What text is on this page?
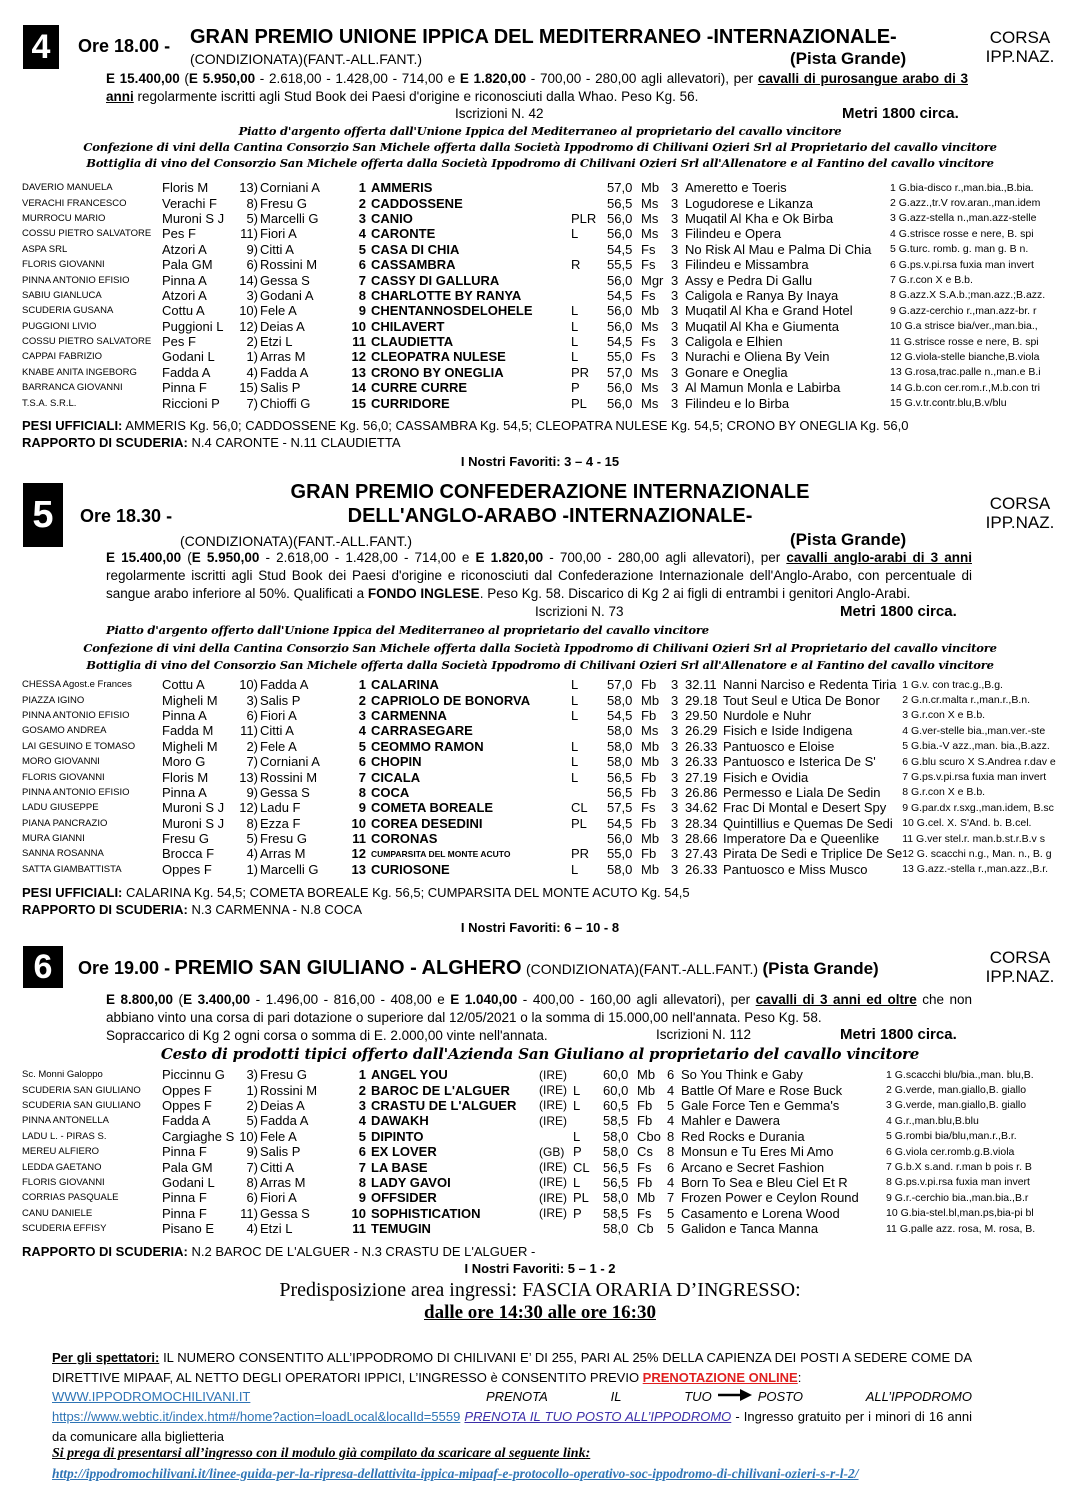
4	Ore 18.00 - GRAN PREMIO UNIONE IPPICA DEL MEDITERRANEO -INTERNAZIONALE-
(CONDIZIONATA)(FANT.-ALL.FANT.)	(Pista Grande)
CORSA
IPP.NAZ.
E 15.400,00 (E 5.950,00 - 2.618,00 - 1.428,00 - 714,00 e E 1.820,00 - 700,00 - 280,00 agli allevatori), per cavalli di purosangue arabo di 3 anni regolarmente iscritti agli Stud Book dei Paesi d'origine e riconosciuti dalla Whao. Peso Kg. 56.
Iscrizioni N. 42	Metri 1800 circa.
Piatto d'argento offerta dall'Unione Ippica del Mediterraneo al proprietario del cavallo vincitore
Confezione di vini della Cantina Consorzio San Michele offerta dalla Società Ippodromo di Chilivani Ozieri Srl al Proprietario del cavallo vincitore
Bottiglia di vino del Consorzio San Michele offerta dalla Società Ippodromo di Chilivani Ozieri Srl all'Allenatore e al Fantino del cavallo vincitore
DAVERIO MANUELA	Floris M	13)	Corniani A	1	AMMERIS		57,0	Mb	3	Ameretto e Toeris	1 G.bia-disco r.,man.bia.,B.bia.
VERACHI FRANCESCO	Verachi F	8)	Fresu G	2	CADDOSSENE		56,5	Ms	3	Logudorese e Likanza	2 G.azz.,tr.V rov.aran.,man.idem
MURROCU MARIO	Muroni S J	5)	Marcelli G	3	CANIO	PLR	56,0	Ms	3	Muqatil Al Kha e Ok Birba	3 G.azz-stella n.,man.azz-stelle
COSSU PIETRO SALVATORE	Pes F	11)	Fiori A	4	CARONTE	L	56,0	Ms	3	Filindeu e Opera	4 G.strisce rosse e nere, B. spi
ASPA SRL	Atzori A	9)	Citti A	5	CASA DI CHIA		54,5	Fs	3	No Risk Al Mau e Palma Di Chia	5 G.turc. romb. g. man g. B n.
FLORIS GIOVANNI	Pala GM	6)	Rossini M	6	CASSAMBRA	R	55,5	Fs	3	Filindeu e Missambra	6 G.ps.v.pi.rsa fuxia man invert
PINNA ANTONIO EFISIO	Pinna A	14)	Gessa S	7	CASSY DI GALLURA		56,0	Mgr	3	Assy e Pedra Di Gallu	7 G.r.con X e B.b.
SABIU GIANLUCA	Atzori A	3)	Godani A	8	CHARLOTTE BY RANYA		54,5	Fs	3	Caligola e Ranya By Inaya	8 G.azz.X S.A.b.;man.azz.;B.azz.
SCUDERIA GUSANA	Cottu A	10)	Fele A	9	CHENTANNOSDELOHELE	L	56,0	Mb	3	Muqatil Al Kha e Grand Hotel	9 G.azz-cerchio r.,man.azz-br. r
PUGGIONI LIVIO	Puggioni L	12)	Deias A	10	CHILAVERT	L	56,0	Ms	3	Muqatil Al Kha e Giumenta	10 G.a strisce bia/ver.,man.bia.,
COSSU PIETRO SALVATORE	Pes F	2)	Etzi L	11	CLAUDIETTA	L	54,5	Fs	3	Caligola e Elhien	11 G.strisce rosse e nere, B. spi
CAPPAI FABRIZIO	Godani L	1)	Arras M	12	CLEOPATRA NULESE	L	55,0	Fs	3	Nurachi e Oliena By Vein	12 G.viola-stelle bianche,B.viola
KNABE ANITA INGEBORG	Fadda A	4)	Fadda A	13	CRONO BY ONEGLIA	PR	57,0	Ms	3	Gonare e Oneglia	13 G.rosa,trac.palle n.,man.e B.i
BARRANCA GIOVANNI	Pinna F	15)	Salis P	14	CURRE CURRE	P	56,0	Ms	3	Al Mamun Monla e Labirba	14 G.b.con cer.rom.r.,M.b.con tri
T.S.A. S.R.L.	Riccioni P	7)	Chioffi G	15	CURRIDORE	PL	56,0	Ms	3	Filindeu e lo Birba	15 G.v.tr.contr.blu,B.v/blu
PESI UFFICIALI: AMMERIS Kg. 56,0; CADDOSSENE Kg. 56,0; CASSAMBRA Kg. 54,5; CLEOPATRA NULESE Kg. 54,5; CRONO BY ONEGLIA Kg. 56,0
RAPPORTO DI SCUDERIA: N.4 CARONTE - N.11 CLAUDIETTA
I Nostri Favoriti: 3 – 4 - 15
5	Ore 18.30 -
GRAN PREMIO CONFEDERAZIONE INTERNAZIONALE
DELL'ANGLO-ARABO -INTERNAZIONALE-
(CONDIZIONATA)(FANT.-ALL.FANT.)	(Pista Grande)
CORSA
IPP.NAZ.
E 15.400,00 (E 5.950,00 - 2.618,00 - 1.428,00 - 714,00 e E 1.820,00 - 700,00 - 280,00 agli allevatori), per cavalli anglo-arabi di 3 anni regolarmente iscritti agli Stud Book dei Paesi d'origine e riconosciuti dal Confederazione Internazionale dell'Anglo-Arabo, con percentuale di sangue arabo inferiore al 50%. Qualificati a FONDO INGLESE. Peso Kg. 58. Discarico di Kg 2 ai figli di entrambi i genitori Anglo-Arabi.
Iscrizioni N. 73	Metri 1800 circa.
Piatto d'argento offerto dall'Unione Ippica del Mediterraneo al proprietario del cavallo vincitore
Confezione di vini della Cantina Consorzio San Michele offerta dalla Società Ippodromo di Chilivani Ozieri Srl al Proprietario del cavallo vincitore
Bottiglia di vino del Consorzio San Michele offerta dalla Società Ippodromo di Chilivani Ozieri Srl all'Allenatore e al Fantino del cavallo vincitore
CHESSA Agost.e Frances	Cottu A	10)	Fadda A	1	CALARINA	L	57,0	Fb	3	32.11	Nanni Narciso e Redenta Tiria	1 G.v. con trac.g.,B.g.
PIAZZA IGINO	Migheli M	3)	Salis P	2	CAPRIOLO DE BONORVA	L	58,0	Mb	3	29.18	Tout Seul e Utica De Bonor	2 G.n.cr.malta r.,man.r.,B.n.
PINNA ANTONIO EFISIO	Pinna A	6)	Fiori A	3	CARMENNA	L	54,5	Fb	3	29.50	Nurdole e Nuhr	3 G.r.con X e B.b.
GOSAMO ANDREA	Fadda M	11)	Citti A	4	CARRASEGARE		58,0	Ms	3	26.29	Fisich e Iside Indigena	4 G.ver-stelle bia.,man.ver.-ste
LAI GESUINO E TOMASO	Migheli M	2)	Fele A	5	CEOMMO RAMON	L	58,0	Mb	3	26.33	Pantuosco e Eloise	5 G.bia.-V azz.,man. bia.,B.azz.
MORO GIOVANNI	Moro G	7)	Corniani A	6	CHOPIN	L	58,0	Mb	3	26.33	Pantuosco e Isterica De S'	6 G.blu scuro X S.Andrea r.dav e
FLORIS GIOVANNI	Floris M	13)	Rossini M	7	CICALA	L	56,5	Fb	3	27.19	Fisich e Ovidia	7 G.ps.v.pi.rsa fuxia man invert
PINNA ANTONIO EFISIO	Pinna A	9)	Gessa S	8	COCA		56,5	Fb	3	26.86	Permesso e Liala De Sedin	8 G.r.con X e B.b.
LADU GIUSEPPE	Muroni S J	12)	Ladu F	9	COMETA BOREALE	CL	57,5	Fs	3	34.62	Frac Di Montal e Desert Spy	9 G.par.dx r.sxg.,man.idem, B.sc
PIANA PANCRAZIO	Muroni S J	8)	Ezza F	10	COREA DESEDINI	PL	54,5	Fb	3	28.34	Quintillius e Quemas De Sedi	10 G.cel. X. S'And. b. B.cel.
MURA GIANNI	Fresu G	5)	Fresu G	11	CORONAS		56,0	Mb	3	28.66	Imperatore Da e Queenlike	11 G.ver stel.r. man.b.st.r.B.v s
SANNA ROSANNA	Brocca F	4)	Arras M	12	CUMPARSITA DEL MONTE ACUTO	PR	55,0	Fb	3	27.43	Pirata De Sedi e Triplice De Se	12 G. scacchi n.g., Man. n., B. g
SATTA GIAMBATTISTA	Oppes F	1)	Marcelli G	13	CURIOSONE	L	58,0	Mb	3	26.33	Pantuosco e Miss Musco	13 G.azz.-stella r.,man.azz.,B.r.
PESI UFFICIALI: CALARINA Kg. 54,5; COMETA BOREALE Kg. 56,5; CUMPARSITA DEL MONTE ACUTO Kg. 54,5
RAPPORTO DI SCUDERIA: N.3 CARMENNA - N.8 COCA
I Nostri Favoriti: 6 – 10 - 8
6	Ore 19.00 - PREMIO SAN GIULIANO - ALGHERO (CONDIZIONATA)(FANT.-ALL.FANT.) (Pista Grande)
CORSA
IPP.NAZ.
E 8.800,00 (E 3.400,00 - 1.496,00 - 816,00 - 408,00 e E 1.040,00 - 400,00 - 160,00 agli allevatori), per cavalli di 3 anni ed oltre che non abbiano vinto una corsa di pari dotazione o superiore dal 12/05/2021 o la somma di 15.000,00 nell'annata. Peso Kg. 58.
Sopraccarico di Kg 2 ogni corsa o somma di E. 2.000,00 vinte nell'annata.	Iscrizioni N. 112	Metri 1800 circa.
Cesto di prodotti tipici offerto dall'Azienda San Giuliano al proprietario del cavallo vincitore
Sc. Monni Galoppo	Piccinnu G	3)	Fresu G	1	ANGEL YOU	(IRE)		60,0	Mb	6	So You Think e Gaby	1 G.scacchi blu/bia.,man. blu,B.
SCUDERIA SAN GIULIANO	Oppes F	1)	Rossini M	2	BAROC DE L'ALGUER	(IRE)	L	60,0	Mb	4	Battle Of Mare e Rose Buck	2 G.verde, man.giallo,B. giallo
SCUDERIA SAN GIULIANO	Oppes F	2)	Deias A	3	CRASTU DE L'ALGUER	(IRE)	L	60,5	Fb	5	Gale Force Ten e Gemma's	3 G.verde, man.giallo,B. giallo
PINNA ANTONELLA	Fadda A	5)	Fadda A	4	DAWAKH	(IRE)		58,5	Fb	4	Mahler e Dawera	4 G.r.,man.blu,B.blu
LADU L. - PIRAS S.	Cargiaghe S	10)	Fele A	5	DIPINTO		L	58,0	Cbo	8	Red Rocks e Durania	5 G.rombi bia/blu,man.r.,B.r.
MEREU ALFIERO	Pinna F	9)	Salis P	6	EX LOVER	(GB)	P	58,0	Cs	8	Monsun e Tu Eres Mi Amo	6 G.viola cer.romb.g.B.viola
LEDDA GAETANO	Pala GM	7)	Citti A	7	LA BASE	(IRE)	CL	56,5	Fs	6	Arcano e Secret Fashion	7 G.b.X s.and. r.man b pois r. B
FLORIS GIOVANNI	Godani L	8)	Arras M	8	LADY GAVOI	(IRE)	L	56,5	Fb	4	Born To Sea e Bleu Ciel Et R	8 G.ps.v.pi.rsa fuxia man invert
CORRIAS PASQUALE	Pinna F	6)	Fiori A	9	OFFSIDER	(IRE)	PL	58,0	Mb	7	Frozen Power e Ceylon Round	9 G.r.-cerchio bia.,man.bia.,B.r
CANU DANIELE	Pinna F	11)	Gessa S	10	SOPHISTICATION	(IRE)	P	58,5	Fs	5	Casamento e Lorena Wood	10 G.bia-stel.bl,man.ps,bia-pi bl
SCUDERIA EFFISY	Pisano E	4)	Etzi L	11	TEMUGIN			58,0	Cb	5	Galidon e Tanca Manna	11 G.palle azz. rosa, M. rosa, B.
RAPPORTO DI SCUDERIA: N.2 BAROC DE L'ALGUER - N.3 CRASTU DE L'ALGUER -
I Nostri Favoriti: 5 – 1 - 2
Predisposizione area ingressi: FASCIA ORARIA D’INGRESSO:
dalle ore 14:30 alle ore 16:30
Per gli spettatori: IL NUMERO CONSENTITO ALL’IPPODROMO DI CHILIVANI E’ DI 255, PARI AL 25% DELLA CAPIENZA DEI POSTI A SEDERE COME DA DIRETTIVE MIPAAF, AL NETTO DEGLI OPERATORI IPPICI, L’INGRESSO è CONSENTITO PREVIO PRENOTAZIONE ONLINE:
WWW.IPPODROMOCHILIVANI.IT	PRENOTA	IL	TUO	POSTO	ALL’IPPODROMO
https://www.webtic.it/index.htm#/home?action=loadLocal&localId=5559 PRENOTA IL TUO POSTO ALL’IPPODROMO - Ingresso gratuito per i minori di 16 anni da comunicare alla biglietteria
Si prega di presentarsi all’ingresso con il modulo già compilato da scaricare al seguente link:
http://ippodromochilivani.it/linee-guida-per-la-ripresa-dellattivita-ippica-mipaaf-e-protocollo-operativo-soc-ippodromo-di-chilivani-ozieri-s-r-l-2/
